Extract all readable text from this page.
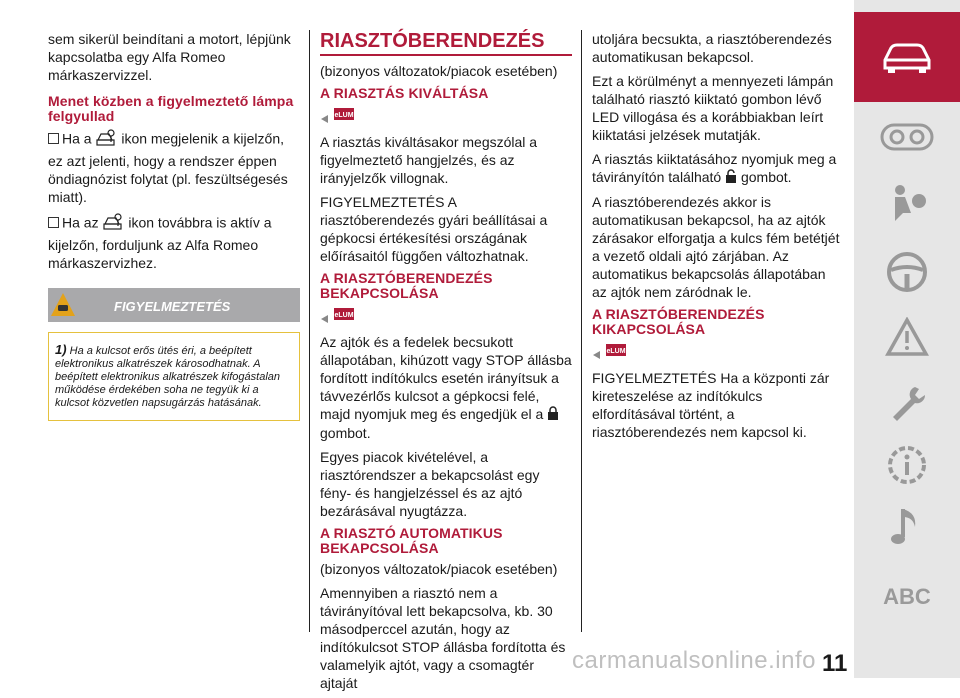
sem sikerül beindítani a motort, lépjünk kapcsolatba egy Alfa Romeo márkaszervizzel.

Menet közben a figyelmeztető lámpa felgyullad

Ha a ikon megjelenik a kijelzőn, ez azt jelenti, hogy a rendszer éppen öndiagnózist folytat (pl. feszültségesés miatt).

Ha az ikon továbbra is aktív a kijelzőn, forduljunk az Alfa Romeo márkaszervizhez.

FIGYELMEZTETÉS
1) Ha a kulcsot erős ütés éri, a beépített elektronikus alkatrészek károsodhatnak. A beépített elektronikus alkatrészek kifogástalan működése érdekében soha ne tegyük ki a kulcsot közvetlen napsugárzás hatásának.
RIASZTÓBERENDEZÉS

(bizonyos változatok/piacok esetében)

A RIASZTÁS KIVÁLTÁSA
eLUM

A riasztás kiváltásakor megszólal a figyelmeztető hangjelzés, és az irányjelzők villognak.

FIGYELMEZTETÉS A riasztóberendezés gyári beállításai a gépkocsi értékesítési országának előírásaitól függően változhatnak.

A RIASZTÓBERENDEZÉS BEKAPCSOLÁSA
eLUM

Az ajtók és a fedelek becsukott állapotában, kihúzott vagy STOP állásba fordított indítókulcs esetén irányítsuk a távvezérlős kulcsot a gépkocsi felé, majd nyomjuk meg és engedjük el a  gombot.

Egyes piacok kivételével, a riasztórendszer a bekapcsolást egy fény- és hangjelzéssel és az ajtó bezárásával nyugtázza.

A RIASZTÓ AUTOMATIKUS BEKAPCSOLÁSA

(bizonyos változatok/piacok esetében)

Amennyiben a riasztó nem a távirányítóval lett bekapcsolva, kb. 30 másodperccel azután, hogy az indítókulcsot STOP állásba fordította és valamelyik ajtót, vagy a csomagtér ajtaját

utoljára becsukta, a riasztóberendezés automatikusan bekapcsol.

Ezt a körülményt a mennyezeti lámpán található riasztó kiiktató gombon lévő LED villogása és a korábbiakban leírt kiiktatási jelzések mutatják.

A riasztás kiiktatásához nyomjuk meg a távirányítón található gombot.

A riasztóberendezés akkor is automatikusan bekapcsol, ha az ajtók zárásakor elforgatja a kulcs fém betétjét a vezető oldali ajtó zárjában. Az automatikus bekapcsolás állapotában az ajtók nem záródnak le.

A RIASZTÓBERENDEZÉS KIKAPCSOLÁSA
eLUM

FIGYELMEZTETÉS Ha a központi zár kireteszelése az indítókulcs elfordításával történt, a riasztóberendezés nem kapcsol ki.

ABC
carmanualsonline.info 11
